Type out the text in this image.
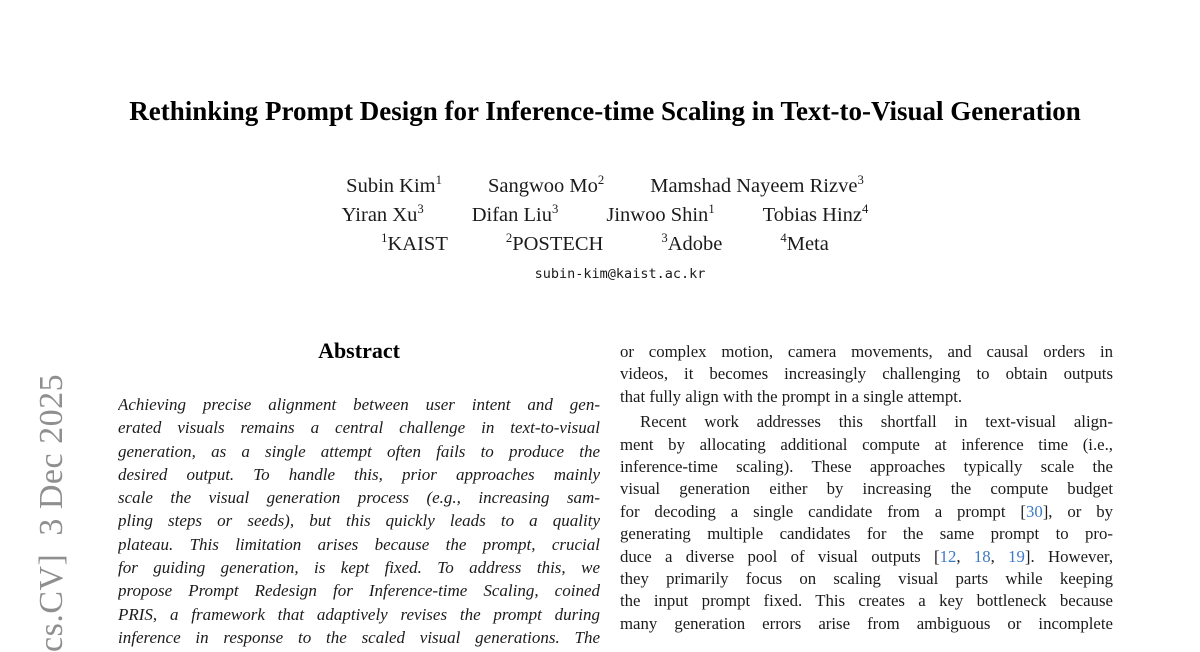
cs.CV]  3 Dec 2025
Rethinking Prompt Design for Inference-time Scaling in Text-to-Visual Generation
Subin Kim$^1$ Sangwoo Mo$^2$ Mamshad Nayeem Rizve$^3$
Yiran Xu$^3$ Difan Liu$^3$ Jinwoo Shin$^1$ Tobias Hinz$^4$
$^1$KAIST	$^2$POSTECH	$^3$Adobe	$^4$Meta
subin-kim@kaist.ac.kr
Abstract
Achieving precise alignment between user intent and gen-
erated visuals remains a central challenge in text-to-visual
generation, as a single attempt often fails to produce the
desired output. To handle this, prior approaches mainly
scale the visual generation process (e.g., increasing sam-
pling steps or seeds), but this quickly leads to a quality
plateau. This limitation arises because the prompt, crucial
for guiding generation, is kept fixed. To address this, we
propose Prompt Redesign for Inference-time Scaling, coined
PRIS, a framework that adaptively revises the prompt during
inference in response to the scaled visual generations. The
or complex motion, camera movements, and causal orders in
videos, it becomes increasingly challenging to obtain outputs
that fully align with the prompt in a single attempt.
Recent work addresses this shortfall in text-visual align-
ment by allocating additional compute at inference time (i.e.,
inference-time scaling). These approaches typically scale the
visual generation either by increasing the compute budget
for decoding a single candidate from a prompt [30], or by
generating multiple candidates for the same prompt to pro-
duce a diverse pool of visual outputs [12, 18, 19]. However,
they primarily focus on scaling visual parts while keeping
the input prompt fixed. This creates a key bottleneck because
many generation errors arise from ambiguous or incomplete
